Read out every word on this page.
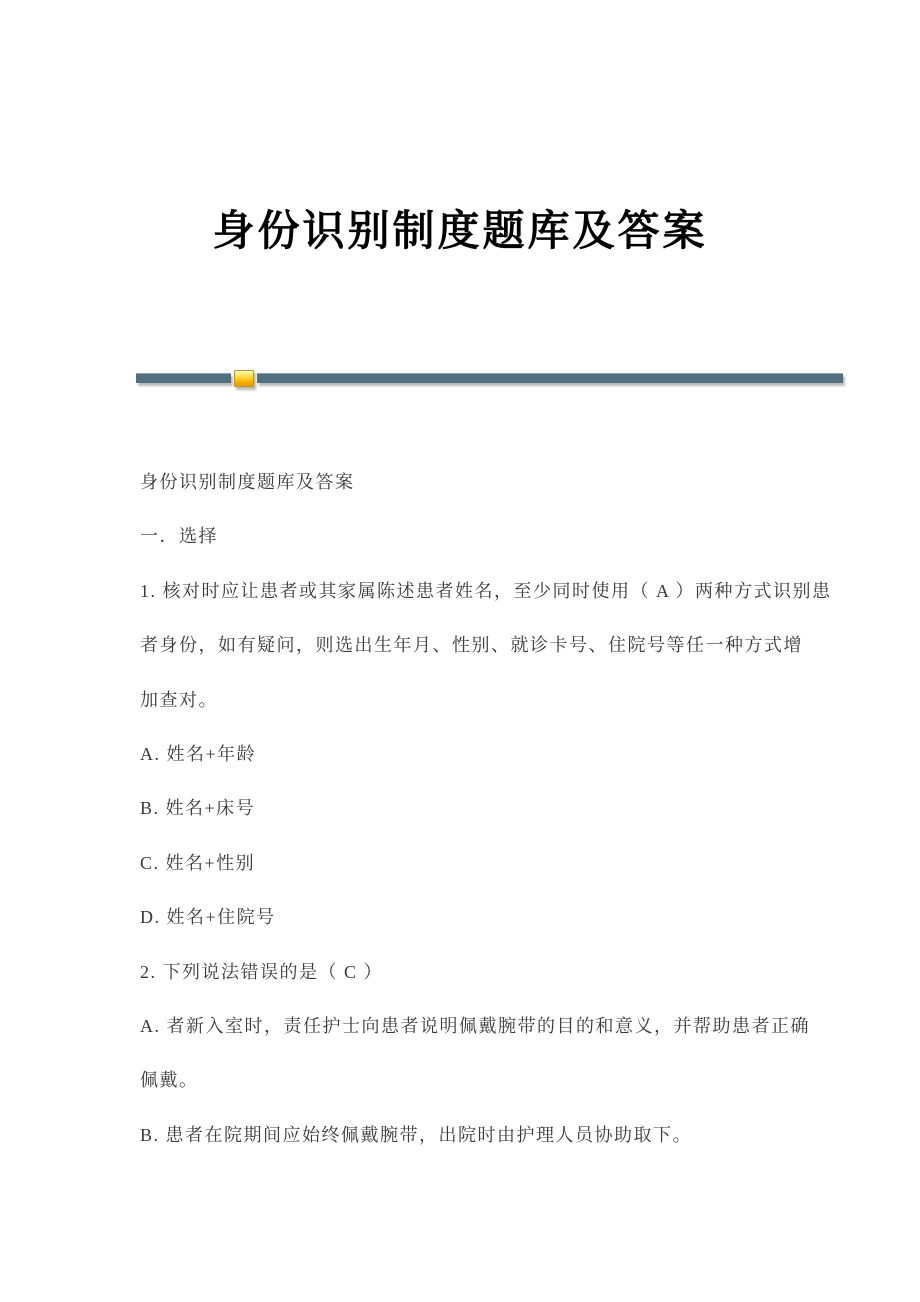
身份识别制度题库及答案
身份识别制度题库及答案
一．选择
1. 核对时应让患者或其家属陈述患者姓名，至少同时使用（ A ）两种方式识别患
者身份，如有疑问，则选出生年月、性别、就诊卡号、住院号等任一种方式增
加查对。
A. 姓名+年龄
B. 姓名+床号
C. 姓名+性别
D. 姓名+住院号
2. 下列说法错误的是（ C ）
A. 者新入室时，责任护士向患者说明佩戴腕带的目的和意义，并帮助患者正确
佩戴。
B. 患者在院期间应始终佩戴腕带，出院时由护理人员协助取下。
